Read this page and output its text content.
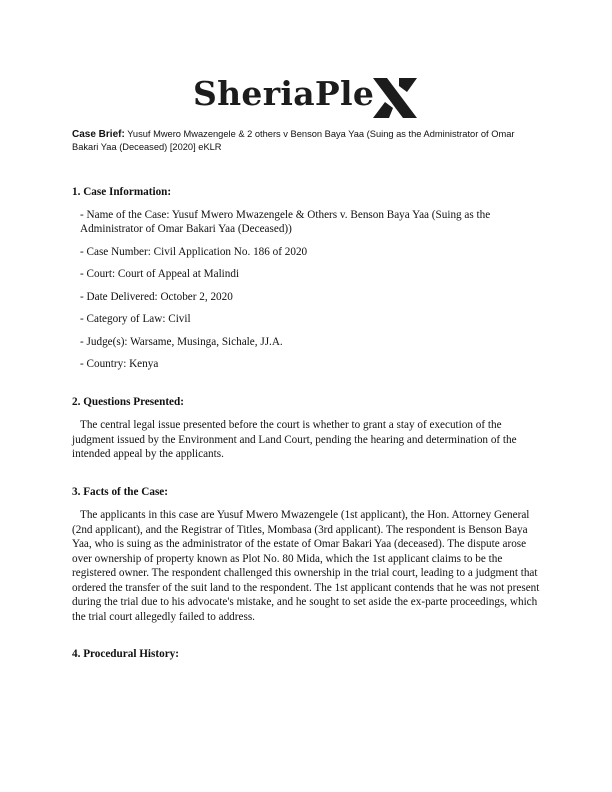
SheriaPle
Case Brief: Yusuf Mwero Mwazengele & 2 others v Benson Baya Yaa (Suing as the Administrator of Omar Bakari Yaa (Deceased) [2020] eKLR

1. Case Information:

- Name of the Case: Yusuf Mwero Mwazengele & Others v. Benson Baya Yaa (Suing as the Administrator of Omar Bakari Yaa (Deceased))

- Case Number: Civil Application No. 186 of 2020

- Court: Court of Appeal at Malindi

- Date Delivered: October 2, 2020

- Category of Law: Civil

- Judge(s): Warsame, Musinga, Sichale, JJ.A.

- Country: Kenya

2. Questions Presented:

The central legal issue presented before the court is whether to grant a stay of execution of the judgment issued by the Environment and Land Court, pending the hearing and determination of the intended appeal by the applicants.

3. Facts of the Case:

The applicants in this case are Yusuf Mwero Mwazengele (1st applicant), the Hon. Attorney General (2nd applicant), and the Registrar of Titles, Mombasa (3rd applicant). The respondent is Benson Baya Yaa, who is suing as the administrator of the estate of Omar Bakari Yaa (deceased). The dispute arose over ownership of property known as Plot No. 80 Mida, which the 1st applicant claims to be the registered owner. The respondent challenged this ownership in the trial court, leading to a judgment that ordered the transfer of the suit land to the respondent. The 1st applicant contends that he was not present during the trial due to his advocate's mistake, and he sought to set aside the ex-parte proceedings, which the trial court allegedly failed to address.

4. Procedural History:
